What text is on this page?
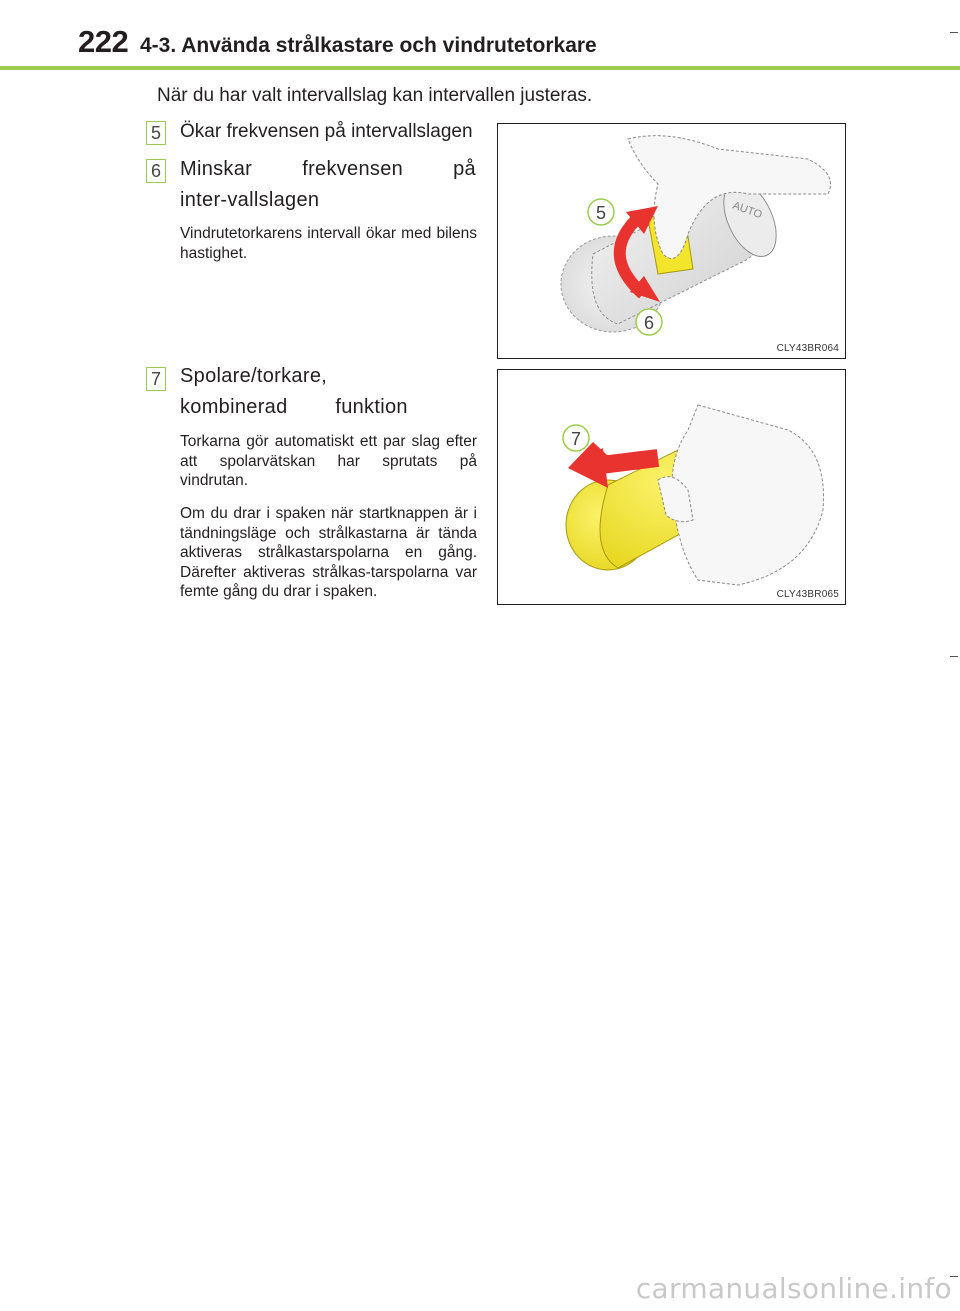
222 4-3. Använda strålkastare och vindrutetorkare
När du har valt intervallslag kan intervallen justeras.
5 Ökar frekvensen på intervallslagen
6 Minskar frekvensen på inter-vallslagen

Vindrutetorkarens intervall ökar med bilens hastighet.

7 Spolare/torkare, kombinerad funktion

Torkarna gör automatiskt ett par slag efter att spolarvätskan har sprutats på vindrutan.

Om du drar i spaken när startknappen är i tändningsläge och strålkastarna är tända aktiveras strålkastarspolarna en gång. Därefter aktiveras strålkas-tarspolarna var femte gång du drar i spaken.

AUTO
5
6
CLY43BR064
7
CLY43BR065
carmanualsonline.info
